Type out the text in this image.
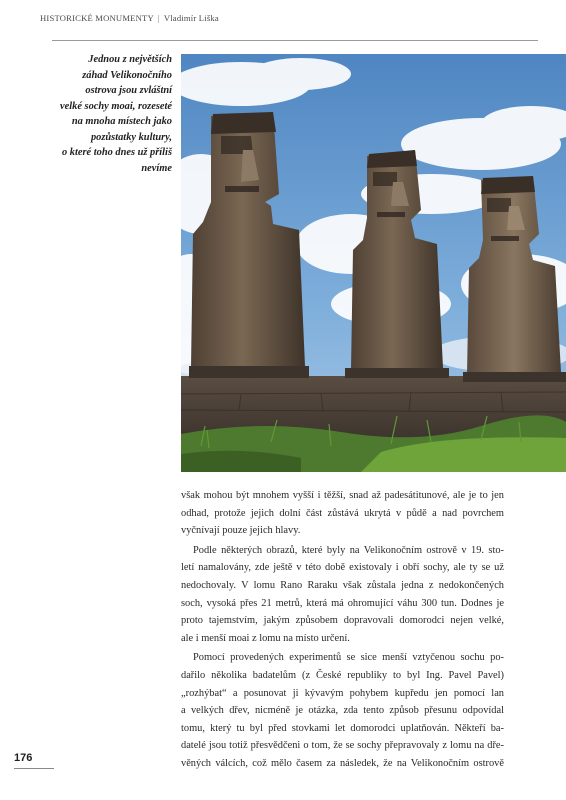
HISTORICKÉ MONUMENTY | Vladimír Liška
Jednou z největších
záhad Velikonočního
ostrova jsou zvláštní
velké sochy moai, rozeseté
na mnoha místech jako
pozůstatky kultury,
o které toho dnes už příliš
nevíme

však mohou být mnohem vyšší i těžší, snad až padesátitunové, ale je to jen
odhad, protože jejich dolní část zůstává ukrytá v půdě a nad povrchem
vyčnívají pouze jejich hlavy.

Podle některých obrazů, které byly na Velikonočním ostrově v 19. sto-
letí namalovány, zde ještě v této době existovaly i obří sochy, ale ty se už
nedochovaly. V lomu Rano Raraku však zůstala jedna z nedokončených
soch, vysoká přes 21 metrů, která má ohromující váhu 300 tun. Dodnes je
proto tajemstvím, jakým způsobem dopravovali domorodci nejen velké,
ale i menší moai z lomu na místo určení.

Pomocí provedených experimentů se sice menší vztyčenou sochu po-
dařilo několika badatelům (z České republiky to byl Ing. Pavel Pavel)
„rozhýbat“ a posunovat ji kývavým pohybem kupředu jen pomocí lan
a velkých dřev, nicméně je otázka, zda tento způsob přesunu odpovídal
tomu, který tu byl před stovkami let domorodci uplatňován. Někteří ba-
datelé jsou totiž přesvědčeni o tom, že se sochy přepravovaly z lomu na dře-
věných válcích, což mělo časem za následek, že na Velikonočním ostrově

176
